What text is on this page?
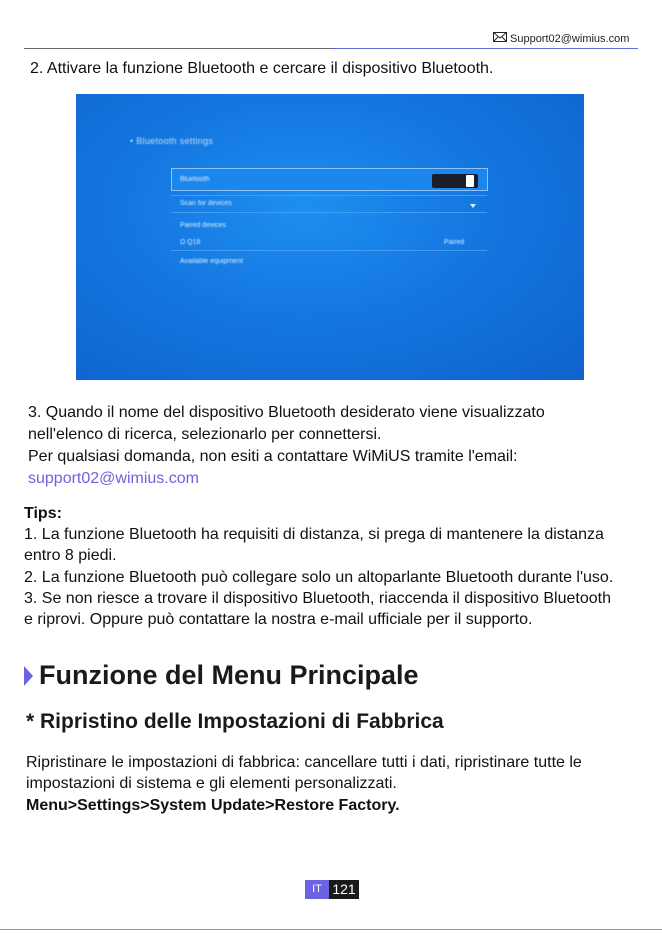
Support02@wimius.com
2. Attivare la funzione Bluetooth e cercare il dispositivo Bluetooth.
• Bluetooth settings
Bluetooth
Scan for devices
Paired devices
Ω Q18	Paired
Available equipment
3. Quando il nome del dispositivo Bluetooth desiderato viene visualizzato
nell'elenco di ricerca, selezionarlo per connettersi.
Per qualsiasi domanda, non esiti a contattare WiMiUS tramite l'email:
support02@wimius.com
Tips:
1. La funzione Bluetooth ha requisiti di distanza, si prega di mantenere la distanza
entro 8 piedi.
2. La funzione Bluetooth può collegare solo un altoparlante Bluetooth durante l'uso.
3. Se non riesce a trovare il dispositivo Bluetooth, riaccenda il dispositivo Bluetooth
e riprovi. Oppure può contattare la nostra e-mail ufficiale per il supporto.
Funzione del Menu Principale
* Ripristino delle Impostazioni di Fabbrica
Ripristinare le impostazioni di fabbrica: cancellare tutti i dati, ripristinare tutte le
impostazioni di sistema e gli elementi personalizzati.
Menu>Settings>System Update>Restore Factory.
IT 121
